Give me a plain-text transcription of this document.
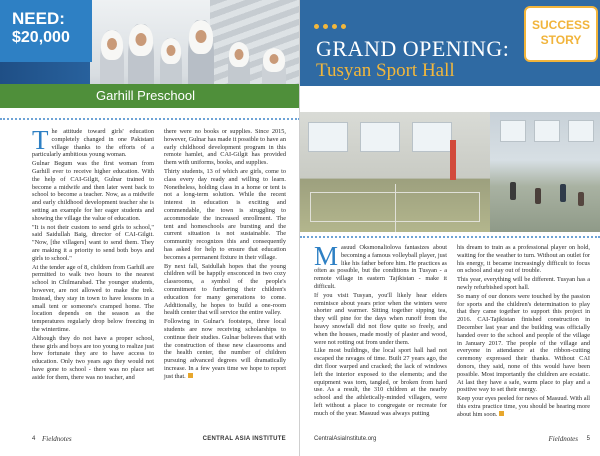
NEED:
$20,000
Garhill Preschool

The attitude toward girls' education completely changed in one Pakistani village thanks to the efforts of a particularly ambitious young woman.

Gulnar Begum was the first woman from Garhill ever to receive higher education. With the help of CAI-Gilgit, Gulnar trained to become a midwife and then later went back to school to become a teacher. Now, as a midwife and early childhood development teacher she is setting an example for her eager students and showing the village the value of education.

"It is not their custom to send girls to school," said Saidullah Baig, director of CAI-Gilgit. "Now, [the villagers] want to send them. They are making it a priority to send both boys and girls to school."

At the tender age of 8, children from Garhill are permitted to walk two hours to the nearest school in Chilmarabad. The younger students, however, are not allowed to make the trek. Instead, they stay in town to have lessons in a small tent or someone's cramped home. The location depends on the season as the temperatures regularly drop below freezing in the wintertime.

Although they do not have a proper school, these girls and boys are too young to realize just how fortunate they are to have access to education. Only two years ago they would not have gone to school - there was no place set aside for them, there was no teacher, and

there were no books or supplies. Since 2015, however, Gulnar has made it possible to have an early childhood development program in this remote hamlet, and CAI-Gilgit has provided them with uniforms, books, and supplies.

Thirty students, 13 of which are girls, come to class every day ready and willing to learn. Nonetheless, holding class in a home or tent is not a long-term solution. While the recent interest in education is exciting and commendable, the town is struggling to accommodate the increased enrollment. The tent and homeschools are bursting and the current situation is not sustainable. The community recognizes this and consequently has asked for help to ensure that education becomes a permanent fixture in their village.

By next fall, Saidullah hopes that the young children will be happily ensconced in two cozy classrooms, a symbol of the people's commitment to furthering their children's education for many generations to come. Additionally, he hopes to build a one-room health center that will service the entire valley.

Following in Gulnar's footsteps, three local students are now receiving scholarships to continue their studies. Gulnar believes that with the construction of these new classrooms and the health center, the number of children pursuing advanced degrees will dramatically increase. In a few years time we hope to report just that.

4 Fieldnotes	CENTRAL ASIA INSTITUTE
GRAND OPENING:
Tusyan Sport Hall
SUCCESS
STORY

Masuud Oksmonaliolova fantasizes about becoming a famous volleyball player, just like his father before him. He practices as often as possible, but the conditions in Tusyan - a remote village in eastern Tajikistan - make it difficult.

If you visit Tusyan, you'll likely hear elders reminisce about years prior when the winters were shorter and warmer. Sitting together sipping tea, they will pine for the days when runoff from the heavy snowfall did not flow quite so freely, and when the houses, made mostly of plaster and wood, were not rotting out from under them.

Like most buildings, the local sport hall had not escaped the ravages of time. Built 27 years ago, the dirt floor warped and cracked; the lack of windows left the interior exposed to the elements; and the equipment was torn, tangled, or broken from hard use. As a result, the 310 children at the nearby school and the athletically-minded villagers, were left without a place to congregate or recreate for much of the year. Masuud was always putting

his dream to train as a professional player on hold, waiting for the weather to turn. Without an outlet for his energy, it became increasingly difficult to focus on school and stay out of trouble.

This year, everything will be different. Tusyan has a newly refurbished sport hall.

So many of our donors were touched by the passion for sports and the children's determination to play that they came together to support this project in 2016. CAI-Tajikistan finished construction in December last year and the building was officially handed over to the school and people of the village in January 2017. The people of the village and everyone in attendance at the ribbon-cutting ceremony expressed their thanks. Without CAI donors, they said, none of this would have been possible. Most importantly the children are ecstatic. At last they have a safe, warm place to play and a positive way to set their energy.

Keep your eyes peeled for news of Masuud. With all this extra practice time, you should be hearing more about him soon.

CentralAsiaInstitute.org	Fieldnotes 5
